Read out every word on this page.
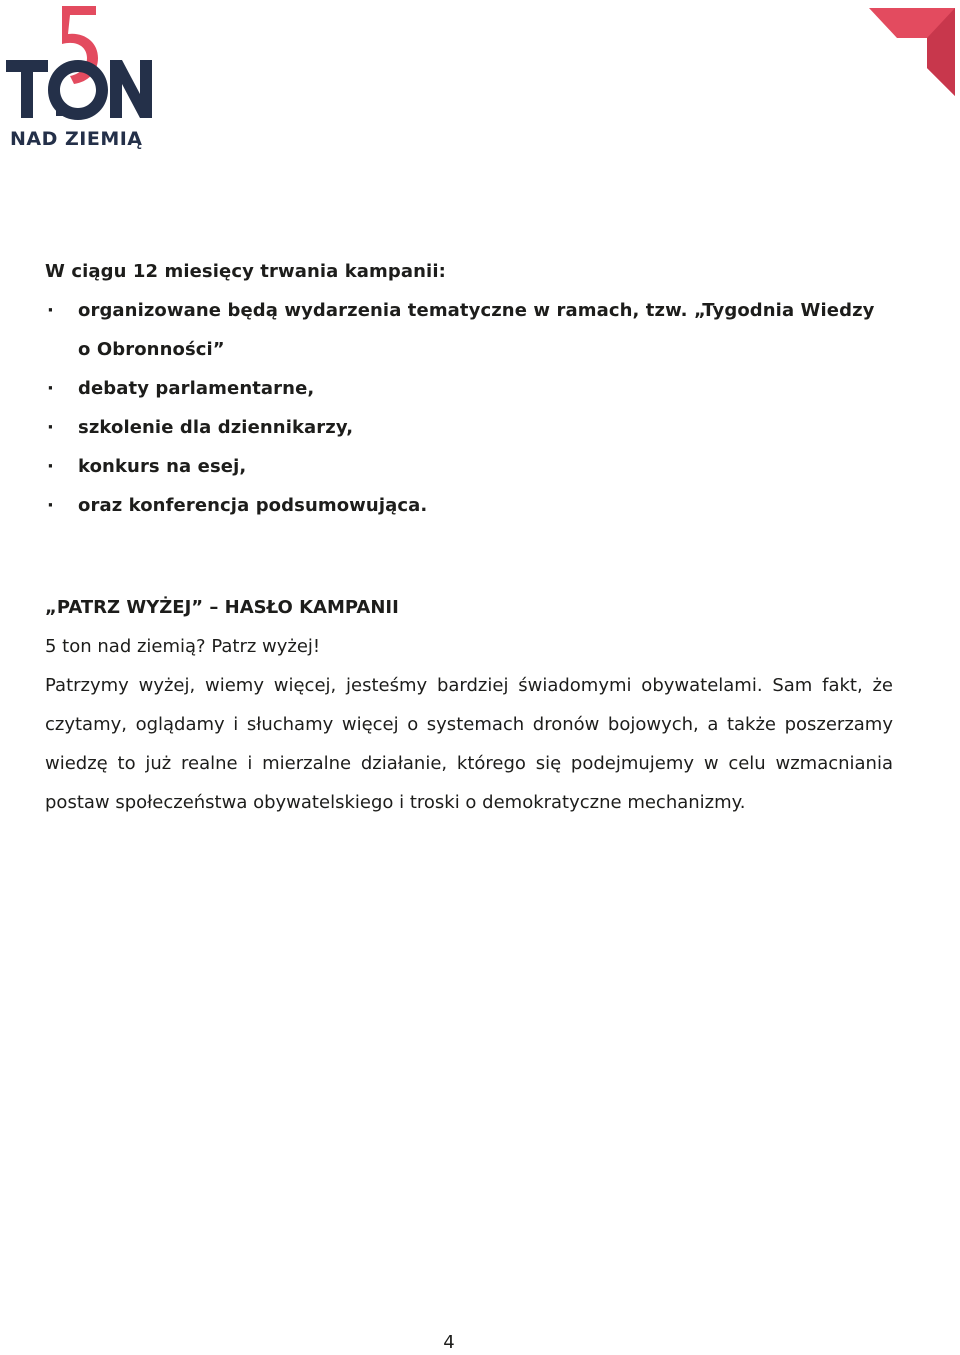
NAD ZIEMIĄ

W ciągu 12 miesięcy trwania kampanii:

· organizowane będą wydarzenia tematyczne w ramach, tzw. „Tygodnia Wiedzy o Obronności”
· debaty parlamentarne,
· szkolenie dla dziennikarzy,
· konkurs na esej,
· oraz konferencja podsumowująca.

„PATRZ WYŻEJ” – HASŁO KAMPANII

5 ton nad ziemią? Patrz wyżej!

Patrzymy wyżej, wiemy więcej, jesteśmy bardziej świadomymi obywatelami. Sam fakt, że czytamy, oglądamy i słuchamy więcej o systemach dronów bojowych, a także poszerzamy wiedzę to już realne i mierzalne działanie, którego się podejmujemy w celu wzmacniania postaw społeczeństwa obywatelskiego i troski o demokratyczne mechanizmy.

4
